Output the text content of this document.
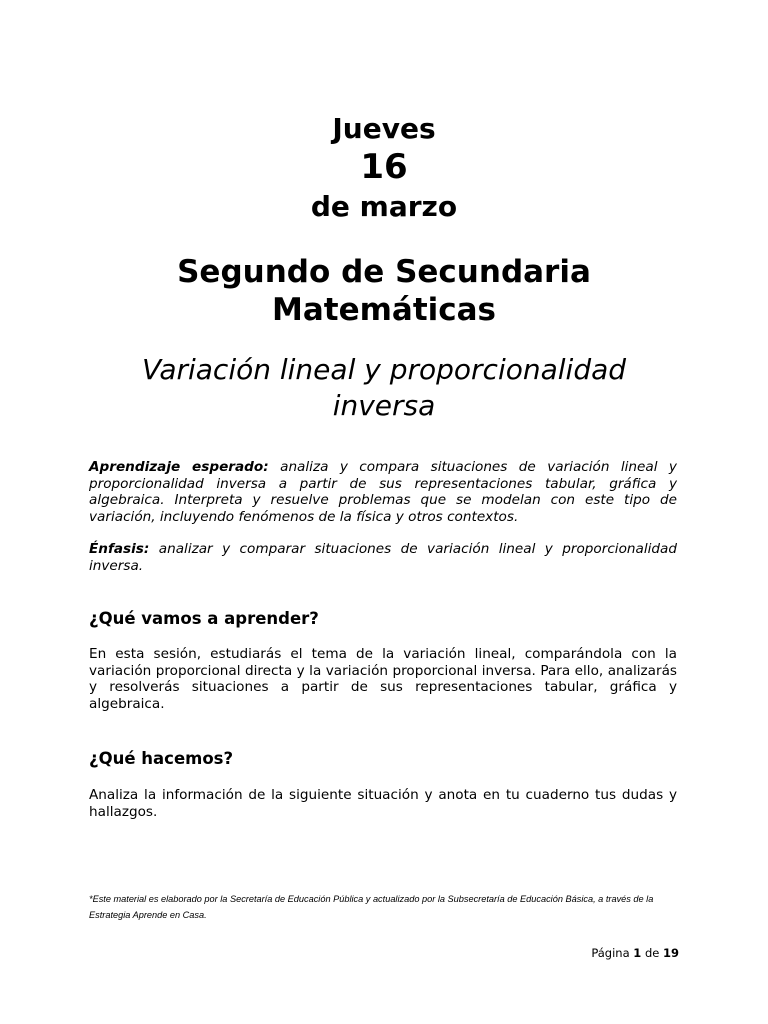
Jueves

16

de marzo

Segundo de Secundaria

Matemáticas

Variación lineal y proporcionalidad inversa

Aprendizaje esperado: analiza y compara situaciones de variación lineal y proporcionalidad inversa a partir de sus representaciones tabular, gráfica y algebraica. Interpreta y resuelve problemas que se modelan con este tipo de variación, incluyendo fenómenos de la física y otros contextos.

Énfasis: analizar y comparar situaciones de variación lineal y proporcionalidad inversa.

¿Qué vamos a aprender?

En esta sesión, estudiarás el tema de la variación lineal, comparándola con la variación proporcional directa y la variación proporcional inversa. Para ello, analizarás y resolverás situaciones a partir de sus representaciones tabular, gráfica y algebraica.

¿Qué hacemos?

Analiza la información de la siguiente situación y anota en tu cuaderno tus dudas y hallazgos.

*Este material es elaborado por la Secretaría de Educación Pública y actualizado por la Subsecretaría de Educación Básica, a través de la Estrategia Aprende en Casa.

Página 1 de 19
